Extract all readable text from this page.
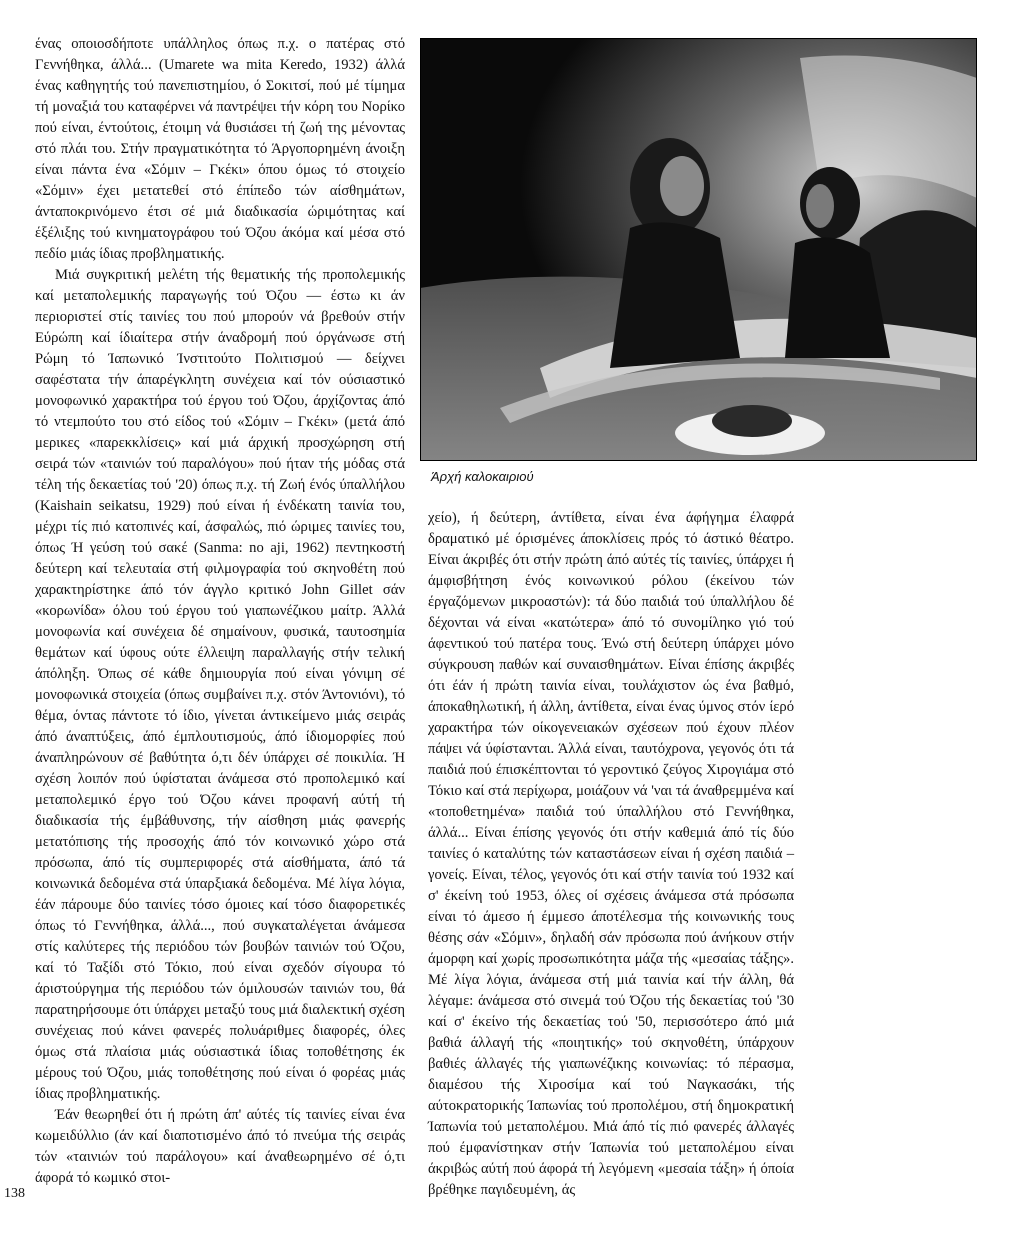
ένας οποιοσδήποτε υπάλληλος όπως π.χ. ο πατέρας στό Γεννήθηκα, άλλά... (Umarete wa mita Keredo, 1932) άλλά ένας καθηγητής τού πανεπιστημίου, ό Σοκιτσί, πού μέ τίμημα τή μοναξιά του καταφέρνει νά παντρέψει τήν κόρη του Νορίκο πού είναι, έντούτοις, έτοιμη νά θυσιάσει τή ζωή της μένοντας στό πλάι του. Στήν πραγματικότητα τό Άργοπορημένη άνοιξη είναι πάντα ένα «Σόμιν – Γκέκι» όπου όμως τό στοιχείο «Σόμιν» έχει μετατεθεί στό έπίπεδο τών αίσθημάτων, άνταποκρινόμενο έτσι σέ μιά διαδικασία ώριμότητας καί έξέλιξης τού κινηματογράφου τού Όζου άκόμα καί μέσα στό πεδίο μιάς ίδιας προβληματικής.

Μιά συγκριτική μελέτη τής θεματικής τής προπολεμικής καί μεταπολεμικής παραγωγής τού Όζου — έστω κι άν περιοριστεί στίς ταινίες του πού μπορούν νά βρεθούν στήν Εύρώπη καί ίδιαίτερα στήν άναδρομή πού όργάνωσε στή Ρώμη τό Ίαπωνικό Ίνστιτούτο Πολιτισμού — δείχνει σαφέστατα τήν άπαρέγκλητη συνέχεια καί τόν ούσιαστικό μονοφωνικό χαρακτήρα τού έργου τού Όζου, άρχίζοντας άπό τό ντεμπούτο του στό είδος τού «Σόμιν – Γκέκι» (μετά άπό μερικες «παρεκκλίσεις» καί μιά άρχική προσχώρηση στή σειρά τών «ταινιών τού παραλόγου» πού ήταν τής μόδας στά τέλη τής δεκαετίας τού '20) όπως π.χ. τή Ζωή ένός ύπαλλήλου (Kaishain seikatsu, 1929) πού είναι ή ένδέκατη ταινία του, μέχρι τίς πιό κατοπινές καί, άσφαλώς, πιό ώριμες ταινίες του, όπως Ή γεύση τού σακέ (Sanma: no aji, 1962) πεντηκοστή δεύτερη καί τελευταία στή φιλμογραφία τού σκηνοθέτη πού χαρακτηρίστηκε άπό τόν άγγλο κριτικό John Gillet σάν «κορωνίδα» όλου τού έργου τού γιαπωνέζικου μαίτρ. Άλλά μονοφωνία καί συνέχεια δέ σημαίνουν, φυσικά, ταυτοσημία θεμάτων καί ύφους ούτε έλλειψη παραλλαγής στήν τελική άπόληξη. Όπως σέ κάθε δημιουργία πού είναι γόνιμη σέ μονοφωνικά στοιχεία (όπως συμβαίνει π.χ. στόν Άντονιόνι), τό θέμα, όντας πάντοτε τό ίδιο, γίνεται άντικείμενο μιάς σειράς άπό άναπτύξεις, άπό έμπλουτισμούς, άπό ίδιομορφίες πού άναπληρώνουν σέ βαθύτητα ό,τι δέν ύπάρχει σέ ποικιλία. Ή σχέση λοιπόν πού ύφίσταται άνάμεσα στό προπολεμικό καί μεταπολεμικό έργο τού Όζου κάνει προφανή αύτή τή διαδικασία τής έμβάθυνσης, τήν αίσθηση μιάς φανερής μετατόπισης τής προσοχής άπό τόν κοινωνικό χώρο στά πρόσωπα, άπό τίς συμπεριφορές στά αίσθήματα, άπό τά κοινωνικά δεδομένα στά ύπαρξιακά δεδομένα. Μέ λίγα λόγια, έάν πάρουμε δύο ταινίες τόσο όμοιες καί τόσο διαφορετικές όπως τό Γεννήθηκα, άλλά..., πού συγκαταλέγεται άνάμεσα στίς καλύτερες τής περιόδου τών βουβών ταινιών τού Όζου, καί τό Ταξίδι στό Τόκιο, πού είναι σχεδόν σίγουρα τό άριστούργημα τής περιόδου τών όμιλουσών ταινιών του, θά παρατηρήσουμε ότι ύπάρχει μεταξύ τους μιά διαλεκτική σχέση συνέχειας πού κάνει φανερές πολυάριθμες διαφορές, όλες όμως στά πλαίσια μιάς ούσιαστικά ίδιας τοποθέτησης έκ μέρους τού Όζου, μιάς τοποθέτησης πού είναι ό φορέας μιάς ίδιας προβληματικής.

Έάν θεωρηθεί ότι ή πρώτη άπ' αύτές τίς ταινίες είναι ένα κωμειδύλλιο (άν καί διαποτισμένο άπό τό πνεύμα τής σειράς τών «ταινιών τού παράλογου» καί άναθεωρημένο σέ ό,τι άφορά τό κωμικό στοι-

Άρχή καλοκαιριού

χείο), ή δεύτερη, άντίθετα, είναι ένα άφήγημα έλαφρά δραματικό μέ όρισμένες άποκλίσεις πρός τό άστικό θέατρο. Είναι άκριβές ότι στήν πρώτη άπό αύτές τίς ταινίες, ύπάρχει ή άμφισβήτηση ένός κοινωνικού ρόλου (έκείνου τών έργαζόμενων μικροαστών): τά δύο παιδιά τού ύπαλλήλου δέ δέχονται νά είναι «κατώτερα» άπό τό συνομίληκο γιό τού άφεντικού τού πατέρα τους. Ένώ στή δεύτερη ύπάρχει μόνο σύγκρουση παθών καί συναισθημάτων. Είναι έπίσης άκριβές ότι έάν ή πρώτη ταινία είναι, τουλάχιστον ώς ένα βαθμό, άποκαθηλωτική, ή άλλη, άντίθετα, είναι ένας ύμνος στόν ίερό χαρακτήρα τών οίκογενειακών σχέσεων πού έχουν πλέον πάψει νά ύφίστανται. Άλλά είναι, ταυτόχρονα, γεγονός ότι τά παιδιά πού έπισκέπτονται τό γεροντικό ζεύγος Χιρογιάμα στό Τόκιο καί στά περίχωρα, μοιάζουν νά 'ναι τά άναθρεμμένα καί «τοποθετημένα» παιδιά τού ύπαλλήλου στό Γεννήθηκα, άλλά... Είναι έπίσης γεγονός ότι στήν καθεμιά άπό τίς δύο ταινίες ό καταλύτης τών καταστάσεων είναι ή σχέση παιδιά – γονείς. Είναι, τέλος, γεγονός ότι καί στήν ταινία τού 1932 καί σ' έκείνη τού 1953, όλες οί σχέσεις άνάμεσα στά πρόσωπα είναι τό άμεσο ή έμμεσο άποτέλεσμα τής κοινωνικής τους θέσης σάν «Σόμιν», δηλαδή σάν πρόσωπα πού άνήκουν στήν άμορφη καί χωρίς προσωπικότητα μάζα τής «μεσαίας τάξης». Μέ λίγα λόγια, άνάμεσα στή μιά ταινία καί τήν άλλη, θά λέγαμε: άνάμεσα στό σινεμά τού Όζου τής δεκαετίας τού '30 καί σ' έκείνο τής δεκαετίας τού '50, περισσότερο άπό μιά βαθιά άλλαγή τής «ποιητικής» τού σκηνοθέτη, ύπάρχουν βαθιές άλλαγές τής γιαπωνέζικης κοινωνίας: τό πέρασμα, διαμέσου τής Χιροσίμα καί τού Ναγκασάκι, τής αύτοκρατορικής Ίαπωνίας τού προπολέμου, στή δημοκρατική Ίαπωνία τού μεταπολέμου. Μιά άπό τίς πιό φανερές άλλαγές πού έμφανίστηκαν στήν Ίαπωνία τού μεταπολέμου είναι άκριβώς αύτή πού άφορά τή λεγόμενη «μεσαία τάξη» ή όποία βρέθηκε παγιδευμένη, άς

138
